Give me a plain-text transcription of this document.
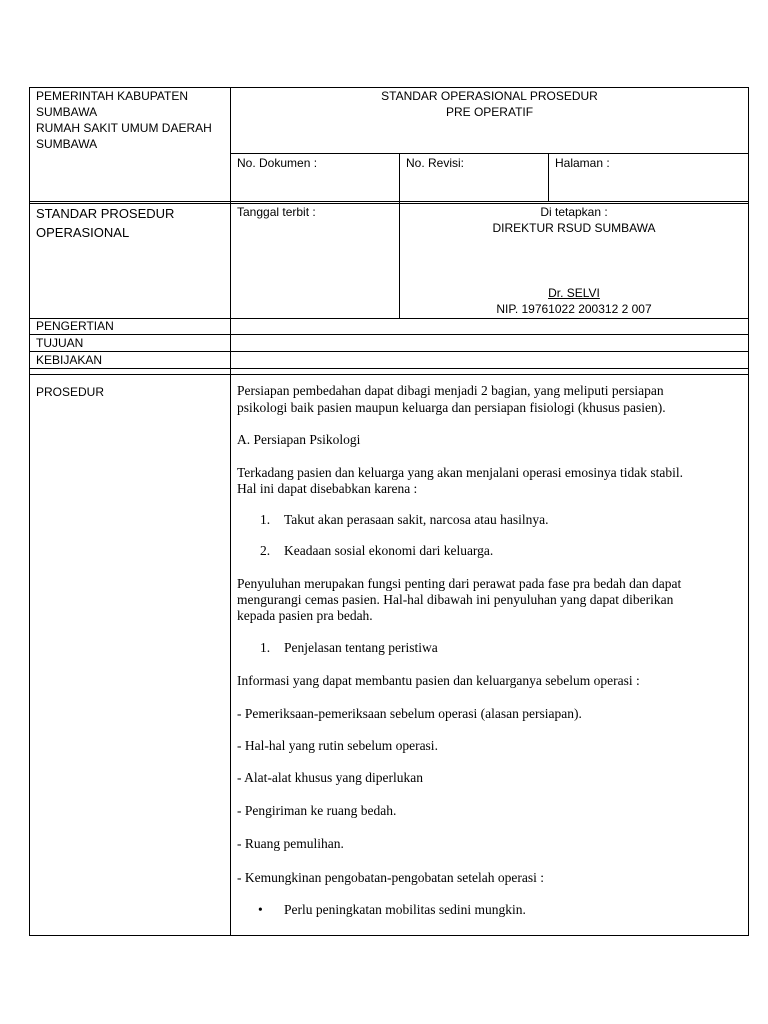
PEMERINTAH KABUPATEN
SUMBAWA
RUMAH SAKIT UMUM DAERAH
SUMBAWA
STANDAR OPERASIONAL PROSEDUR
PRE OPERATIF
No. Dokumen :	No. Revisi:	Halaman :
STANDAR PROSEDUR
OPERASIONAL
Tanggal terbit :	Di tetapkan :
DIREKTUR RSUD SUMBAWA
Dr. SELVI
NIP. 19761022 200312 2 007
PENGERTIAN
TUJUAN
KEBIJAKAN
PROSEDUR	Persiapan pembedahan dapat dibagi menjadi 2 bagian, yang meliputi persiapan
psikologi baik pasien maupun keluarga dan persiapan fisiologi (khusus pasien).
A. Persiapan Psikologi
Terkadang pasien dan keluarga yang akan menjalani operasi emosinya tidak stabil.
Hal ini dapat disebabkan karena :
1. Takut akan perasaan sakit, narcosa atau hasilnya.
2. Keadaan sosial ekonomi dari keluarga.
Penyuluhan merupakan fungsi penting dari perawat pada fase pra bedah dan dapat
mengurangi cemas pasien. Hal-hal dibawah ini penyuluhan yang dapat diberikan
kepada pasien pra bedah.
1. Penjelasan tentang peristiwa
Informasi yang dapat membantu pasien dan keluarganya sebelum operasi :
- Pemeriksaan-pemeriksaan sebelum operasi (alasan persiapan).
- Hal-hal yang rutin sebelum operasi.
- Alat-alat khusus yang diperlukan
- Pengiriman ke ruang bedah.
- Ruang pemulihan.
- Kemungkinan pengobatan-pengobatan setelah operasi :
• Perlu peningkatan mobilitas sedini mungkin.
